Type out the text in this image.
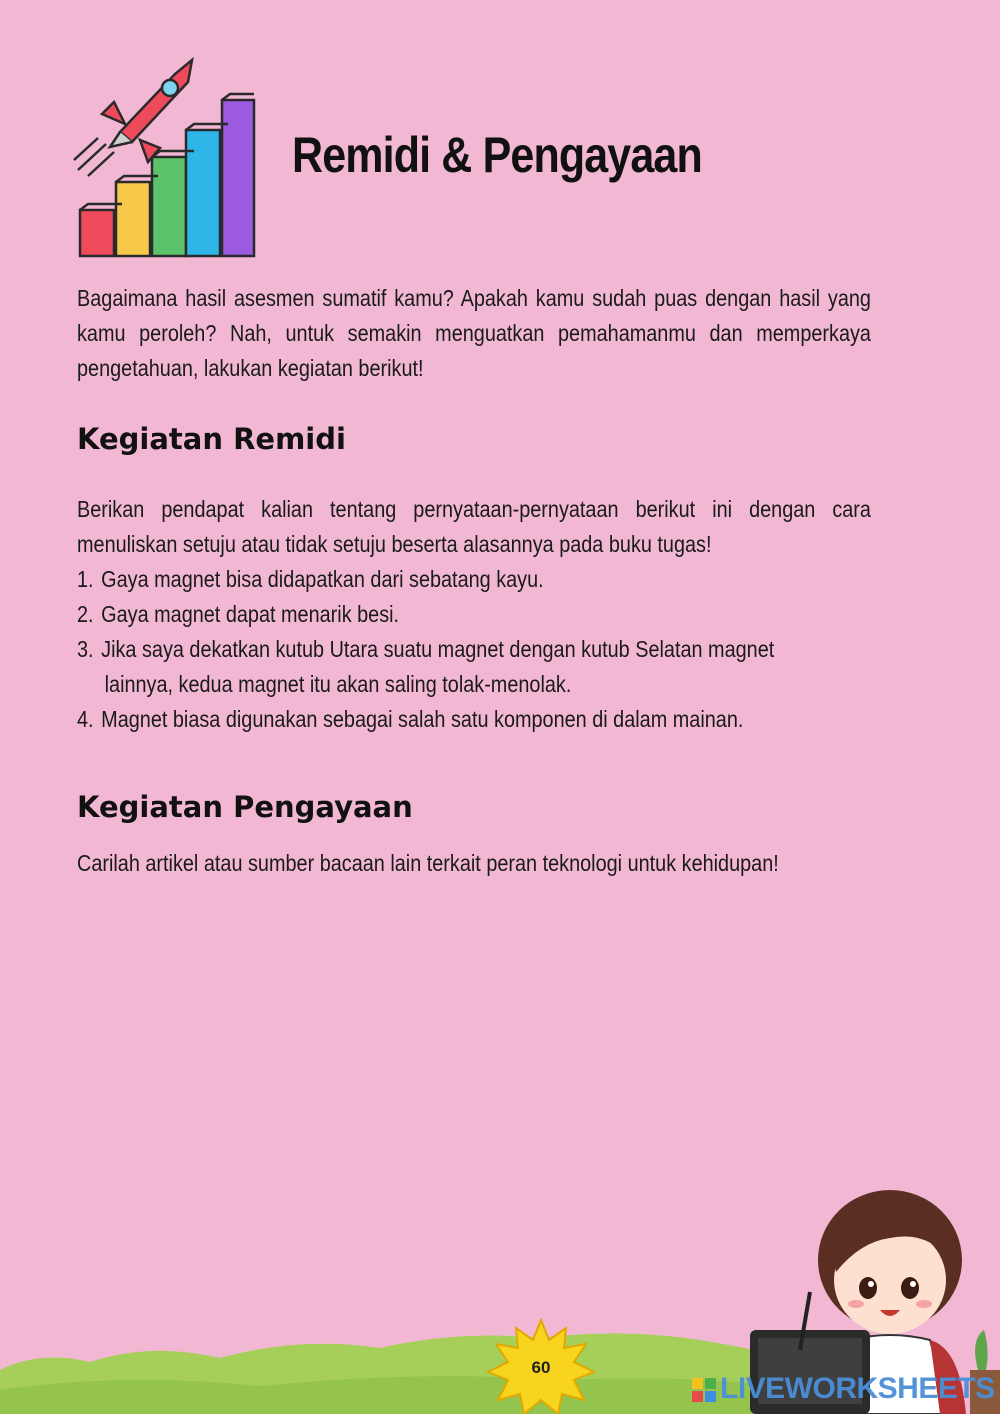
Remidi & Pengayaan

Bagaimana hasil asesmen sumatif kamu? Apakah kamu sudah puas dengan hasil yang kamu peroleh? Nah, untuk semakin menguatkan pemahamanmu dan memperkaya pengetahuan, lakukan kegiatan berikut!

Kegiatan Remidi

Berikan pendapat kalian tentang pernyataan-pernyataan berikut ini dengan cara menuliskan setuju atau tidak setuju beserta alasannya pada buku tugas!

1. Gaya magnet bisa didapatkan dari sebatang kayu.
2. Gaya magnet dapat menarik besi.
3. Jika saya dekatkan kutub Utara suatu magnet dengan kutub Selatan magnet
lainnya, kedua magnet itu akan saling tolak-menolak.
4. Magnet biasa digunakan sebagai salah satu komponen di dalam mainan.
Kegiatan Pengayaan

Carilah artikel atau sumber bacaan lain terkait peran teknologi untuk kehidupan!

60
LIVEWORKSHEETS
